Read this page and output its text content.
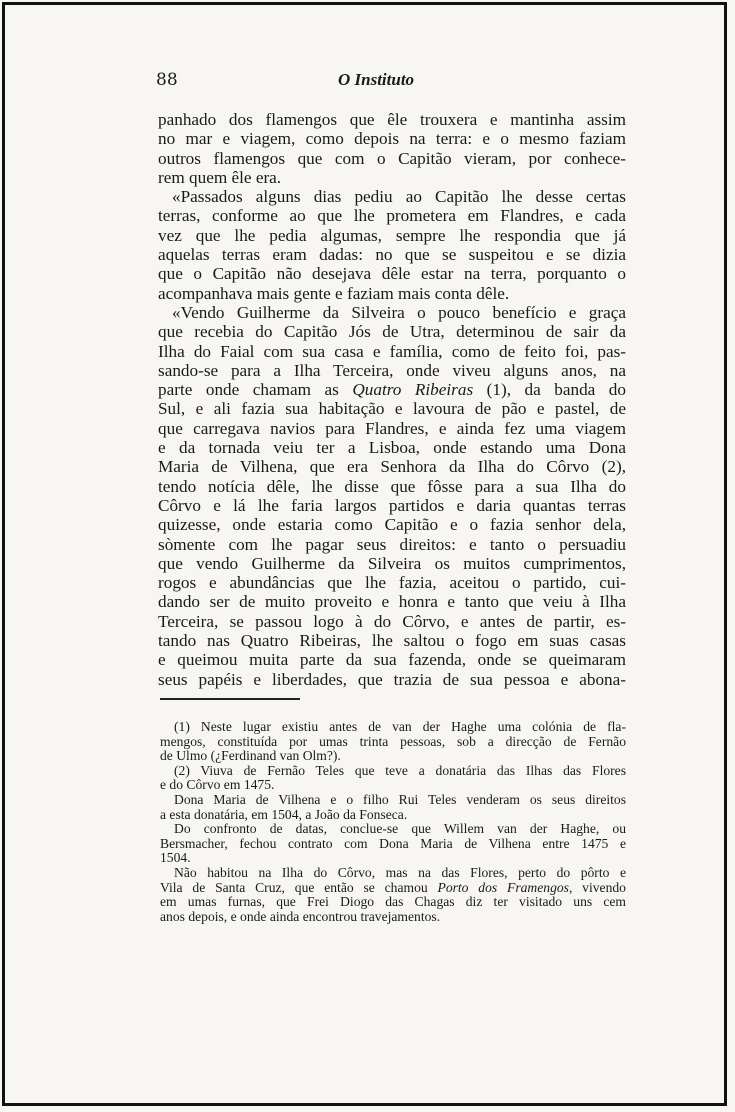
88	O Instituto
panhado dos flamengos que êle trouxera e mantinha assim
no mar e viagem, como depois na terra: e o mesmo faziam
outros flamengos que com o Capitão vieram, por conhece-
rem quem êle era.
«Passados alguns dias pediu ao Capitão lhe desse certas
terras, conforme ao que lhe prometera em Flandres, e cada
vez que lhe pedia algumas, sempre lhe respondia que já
aquelas terras eram dadas: no que se suspeitou e se dizia
que o Capitão não desejava dêle estar na terra, porquanto o
acompanhava mais gente e faziam mais conta dêle.
«Vendo Guilherme da Silveira o pouco benefício e graça
que recebia do Capitão Jós de Utra, determinou de sair da
Ilha do Faial com sua casa e família, como de feito foi, pas-
sando-se para a Ilha Terceira, onde viveu alguns anos, na
parte onde chamam as Quatro Ribeiras (1), da banda do
Sul, e ali fazia sua habitação e lavoura de pão e pastel, de
que carregava navios para Flandres, e ainda fez uma viagem
e da tornada veiu ter a Lisboa, onde estando uma Dona
Maria de Vilhena, que era Senhora da Ilha do Côrvo (2),
tendo notícia dêle, lhe disse que fôsse para a sua Ilha do
Côrvo e lá lhe faria largos partidos e daria quantas terras
quizesse, onde estaria como Capitão e o fazia senhor dela,
sòmente com lhe pagar seus direitos: e tanto o persuadiu
que vendo Guilherme da Silveira os muitos cumprimentos,
rogos e abundâncias que lhe fazia, aceitou o partido, cui-
dando ser de muito proveito e honra e tanto que veiu à Ilha
Terceira, se passou logo à do Côrvo, e antes de partir, es-
tando nas Quatro Ribeiras, lhe saltou o fogo em suas casas
e queimou muita parte da sua fazenda, onde se queimaram
seus papéis e liberdades, que trazia de sua pessoa e abona-
(1) Neste lugar existiu antes de van der Haghe uma colónia de fla-
mengos, constituída por umas trinta pessoas, sob a direcção de Fernão
de Ulmo (¿Ferdinand van Olm?).
(2) Viuva de Fernão Teles que teve a donatária das Ilhas das Flores
e do Côrvo em 1475.
Dona Maria de Vilhena e o filho Rui Teles venderam os seus direitos
a esta donatária, em 1504, a João da Fonseca.
Do confronto de datas, conclue-se que Willem van der Haghe, ou
Bersmacher, fechou contrato com Dona Maria de Vilhena entre 1475 e
1504.
Não habitou na Ilha do Côrvo, mas na das Flores, perto do pôrto e
Vila de Santa Cruz, que então se chamou Porto dos Framengos, vivendo
em umas furnas, que Frei Diogo das Chagas diz ter visitado uns cem
anos depois, e onde ainda encontrou travejamentos.
